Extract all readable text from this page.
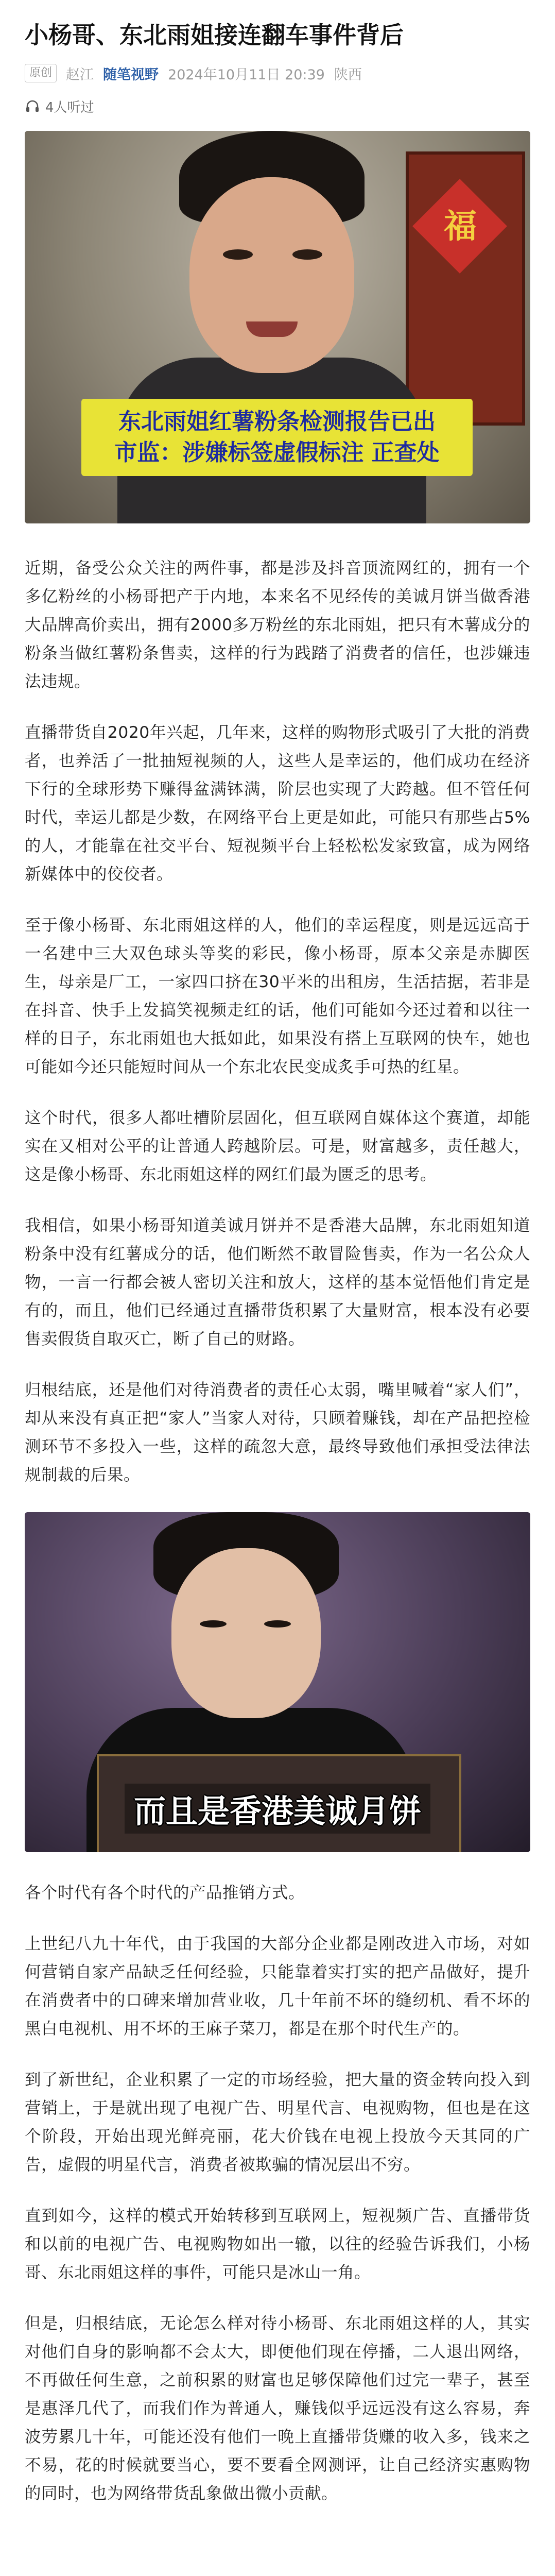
小杨哥、东北雨姐接连翻车事件背后
原创	赵江 随笔视野 2024年10月11日 20:39 陕西
4人听过
福
东北雨姐红薯粉条检测报告已出
市监：涉嫌标签虚假标注 正查处

近期，备受公众关注的两件事，都是涉及抖音顶流网红的，拥有一个多亿粉丝的小杨哥把产于内地，本来名不见经传的美诚月饼当做香港大品牌高价卖出，拥有2000多万粉丝的东北雨姐，把只有木薯成分的粉条当做红薯粉条售卖，这样的行为践踏了消费者的信任，也涉嫌违法违规。

直播带货自2020年兴起，几年来，这样的购物形式吸引了大批的消费者，也养活了一批抽短视频的人，这些人是幸运的，他们成功在经济下行的全球形势下赚得盆满钵满，阶层也实现了大跨越。但不管任何时代，幸运儿都是少数，在网络平台上更是如此，可能只有那些占5%的人，才能靠在社交平台、短视频平台上轻松松发家致富，成为网络新媒体中的佼佼者。

至于像小杨哥、东北雨姐这样的人，他们的幸运程度，则是远远高于一名建中三大双色球头等奖的彩民，像小杨哥，原本父亲是赤脚医生，母亲是厂工，一家四口挤在30平米的出租房，生活拮据，若非是在抖音、快手上发搞笑视频走红的话，他们可能如今还过着和以往一样的日子，东北雨姐也大抵如此，如果没有搭上互联网的快车，她也可能如今还只能短时间从一个东北农民变成炙手可热的红星。

这个时代，很多人都吐槽阶层固化，但互联网自媒体这个赛道，却能实在又相对公平的让普通人跨越阶层。可是，财富越多，责任越大，这是像小杨哥、东北雨姐这样的网红们最为匮乏的思考。

我相信，如果小杨哥知道美诚月饼并不是香港大品牌，东北雨姐知道粉条中没有红薯成分的话，他们断然不敢冒险售卖，作为一名公众人物，一言一行都会被人密切关注和放大，这样的基本觉悟他们肯定是有的，而且，他们已经通过直播带货积累了大量财富，根本没有必要售卖假货自取灭亡，断了自己的财路。

归根结底，还是他们对待消费者的责任心太弱，嘴里喊着“家人们”，却从来没有真正把“家人”当家人对待，只顾着赚钱，却在产品把控检测环节不多投入一些，这样的疏忽大意，最终导致他们承担受法律法规制裁的后果。

而且是香港美诚月饼

各个时代有各个时代的产品推销方式。

上世纪八九十年代，由于我国的大部分企业都是刚改进入市场，对如何营销自家产品缺乏任何经验，只能靠着实打实的把产品做好，提升在消费者中的口碑来增加营业收，几十年前不坏的缝纫机、看不坏的黑白电视机、用不坏的王麻子菜刀，都是在那个时代生产的。

到了新世纪，企业积累了一定的市场经验，把大量的资金转向投入到营销上，于是就出现了电视广告、明星代言、电视购物，但也是在这个阶段，开始出现光鲜亮丽，花大价钱在电视上投放今天其同的广告，虚假的明星代言，消费者被欺骗的情况层出不穷。

直到如今，这样的模式开始转移到互联网上，短视频广告、直播带货和以前的电视广告、电视购物如出一辙，以往的经验告诉我们，小杨哥、东北雨姐这样的事件，可能只是冰山一角。

但是，归根结底，无论怎么样对待小杨哥、东北雨姐这样的人，其实对他们自身的影响都不会太大，即便他们现在停播，二人退出网络，不再做任何生意，之前积累的财富也足够保障他们过完一辈子，甚至是惠泽几代了，而我们作为普通人，赚钱似乎远远没有这么容易，奔波劳累几十年，可能还没有他们一晚上直播带货赚的收入多，钱来之不易，花的时候就要当心，要不要看全网测评，让自己经济实惠购物的同时，也为网络带货乱象做出微小贡献。
